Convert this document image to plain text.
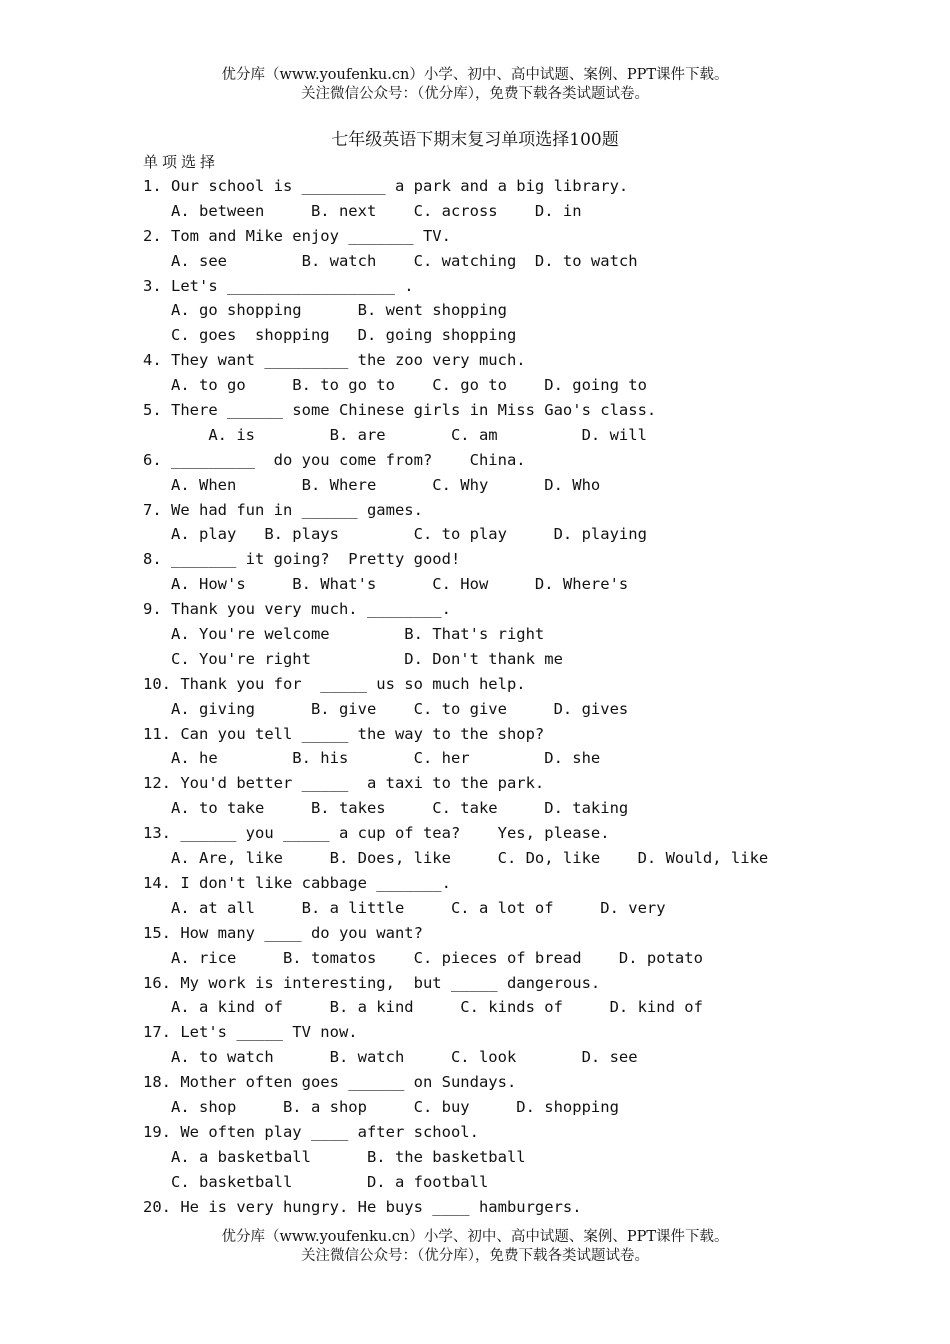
优分库（www.youfenku.cn）小学、初中、高中试题、案例、PPT课件下载。
关注微信公众号：（优分库），免费下载各类试题试卷。
七年级英语下期末复习单项选择100题
单项选择
1. Our school is _________ a park and a big library.
A. between     B. next    C. across    D. in
2. Tom and Mike enjoy _______ TV.
A. see        B. watch    C. watching  D. to watch
3. Let's __________________ .
A. go shopping      B. went shopping
C. goes  shopping   D. going shopping
4. They want _________ the zoo very much.
A. to go     B. to go to    C. go to    D. going to
5. There ______ some Chinese girls in Miss Gao's class.
A. is        B. are       C. am         D. will
6. _________  do you come from?    China.
A. When       B. Where      C. Why      D. Who
7. We had fun in ______ games.
A. play   B. plays        C. to play     D. playing
8. _______ it going?  Pretty good!
A. How's     B. What's      C. How     D. Where's
9. Thank you very much. ________.
A. You're welcome        B. That's right
C. You're right          D. Don't thank me
10. Thank you for  _____ us so much help.
A. giving      B. give    C. to give     D. gives
11. Can you tell _____ the way to the shop?
A. he        B. his       C. her        D. she
12. You'd better _____  a taxi to the park.
A. to take     B. takes     C. take     D. taking
13. ______ you _____ a cup of tea?    Yes, please.
A. Are, like     B. Does, like     C. Do, like    D. Would, like
14. I don't like cabbage _______.
A. at all     B. a little     C. a lot of     D. very
15. How many ____ do you want?
A. rice     B. tomatos    C. pieces of bread    D. potato
16. My work is interesting,  but _____ dangerous.
A. a kind of     B. a kind     C. kinds of     D. kind of
17. Let's _____ TV now.
A. to watch      B. watch     C. look       D. see
18. Mother often goes ______ on Sundays.
A. shop     B. a shop     C. buy     D. shopping
19. We often play ____ after school.
A. a basketball      B. the basketball
C. basketball        D. a football
20. He is very hungry. He buys ____ hamburgers.
优分库（www.youfenku.cn）小学、初中、高中试题、案例、PPT课件下载。
关注微信公众号：（优分库），免费下载各类试题试卷。
